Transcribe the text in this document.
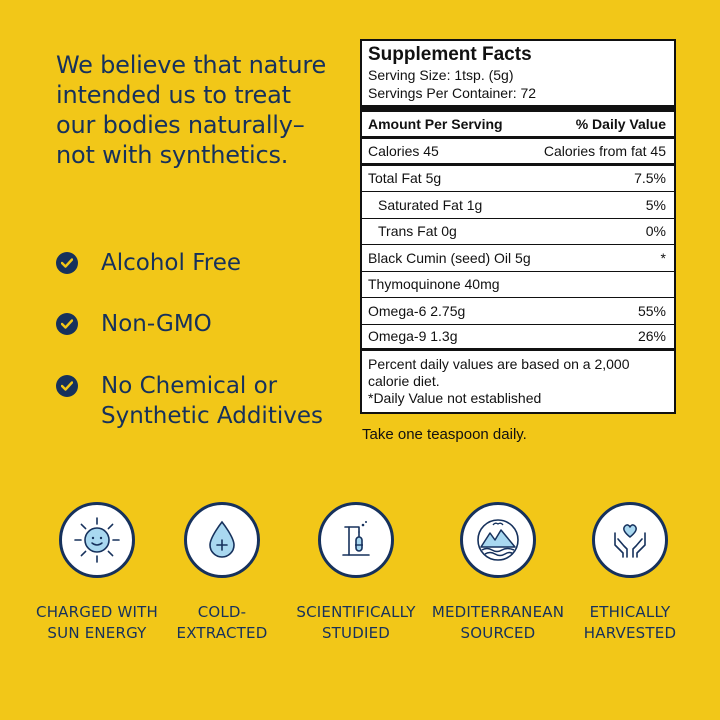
We believe that nature
intended us to treat
our bodies naturally–
not with synthetics.
Alcohol Free
Non-GMO
No Chemical or
Synthetic Additives
Supplement Facts
Serving Size: 1tsp. (5g)
Servings Per Container: 72
Amount Per Serving	% Daily Value
Calories 45	Calories from fat 45
Total Fat 5g	7.5%
Saturated Fat 1g	5%
Trans Fat 0g	0%
Black Cumin (seed) Oil 5g	*
Thymoquinone 40mg
Omega-6 2.75g	55%
Omega-9 1.3g	26%
Percent daily values are based on a 2,000 calorie diet.
*Daily Value not established
Take one teaspoon daily.
CHARGED WITH
SUN ENERGY
COLD-
EXTRACTED
SCIENTIFICALLY
STUDIED
MEDITERRANEAN
SOURCED
ETHICALLY
HARVESTED
